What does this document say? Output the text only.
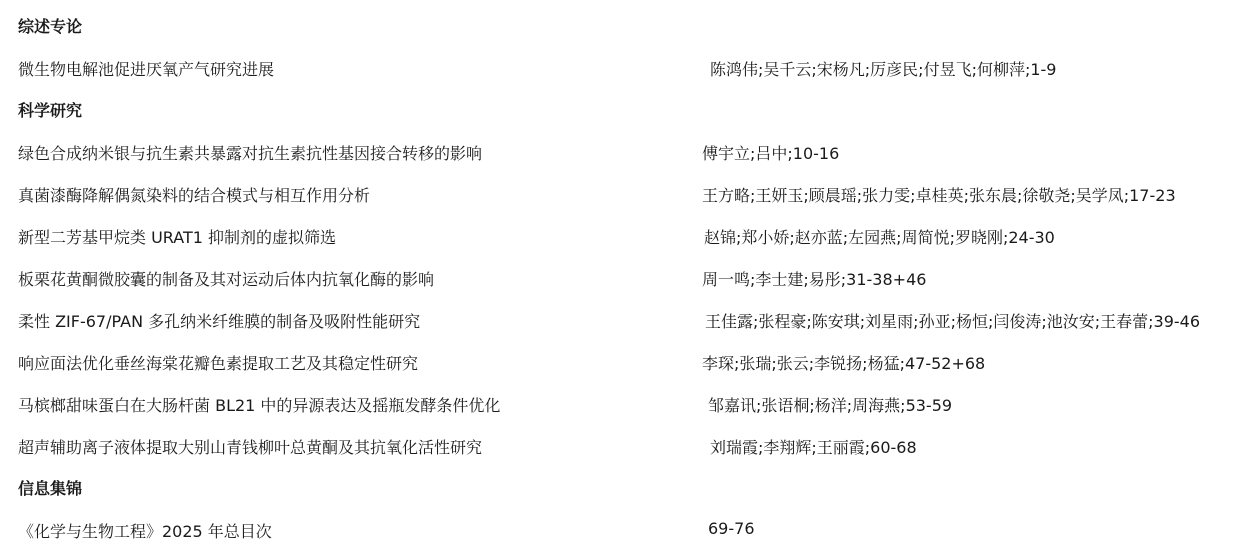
综述专论
微生物电解池促进厌氧产气研究进展	陈鸿伟;吴千云;宋杨凡;厉彦民;付昱飞;何柳萍;1-9
科学研究
绿色合成纳米银与抗生素共暴露对抗生素抗性基因接合转移的影响	傅宇立;吕中;10-16
真菌漆酶降解偶氮染料的结合模式与相互作用分析	王方略;王妍玉;顾晨瑶;张力雯;卓桂英;张东晨;徐敬尧;吴学凤;17-23
新型二芳基甲烷类 URAT1 抑制剂的虚拟筛选	赵锦;郑小娇;赵亦蓝;左园燕;周简悦;罗晓刚;24-30
板栗花黄酮微胶囊的制备及其对运动后体内抗氧化酶的影响	周一鸣;李士建;易彤;31-38+46
柔性 ZIF-67/PAN 多孔纳米纤维膜的制备及吸附性能研究	王佳露;张程豪;陈安琪;刘星雨;孙亚;杨恒;闫俊涛;池汝安;王春蕾;39-46
响应面法优化垂丝海棠花瓣色素提取工艺及其稳定性研究	李琛;张瑞;张云;李锐扬;杨猛;47-52+68
马槟榔甜味蛋白在大肠杆菌 BL21 中的异源表达及摇瓶发酵条件优化	邹嘉讯;张语桐;杨洋;周海燕;53-59
超声辅助离子液体提取大别山青钱柳叶总黄酮及其抗氧化活性研究	刘瑞霞;李翔辉;王丽霞;60-68
信息集锦
《化学与生物工程》2025 年总目次	69-76
